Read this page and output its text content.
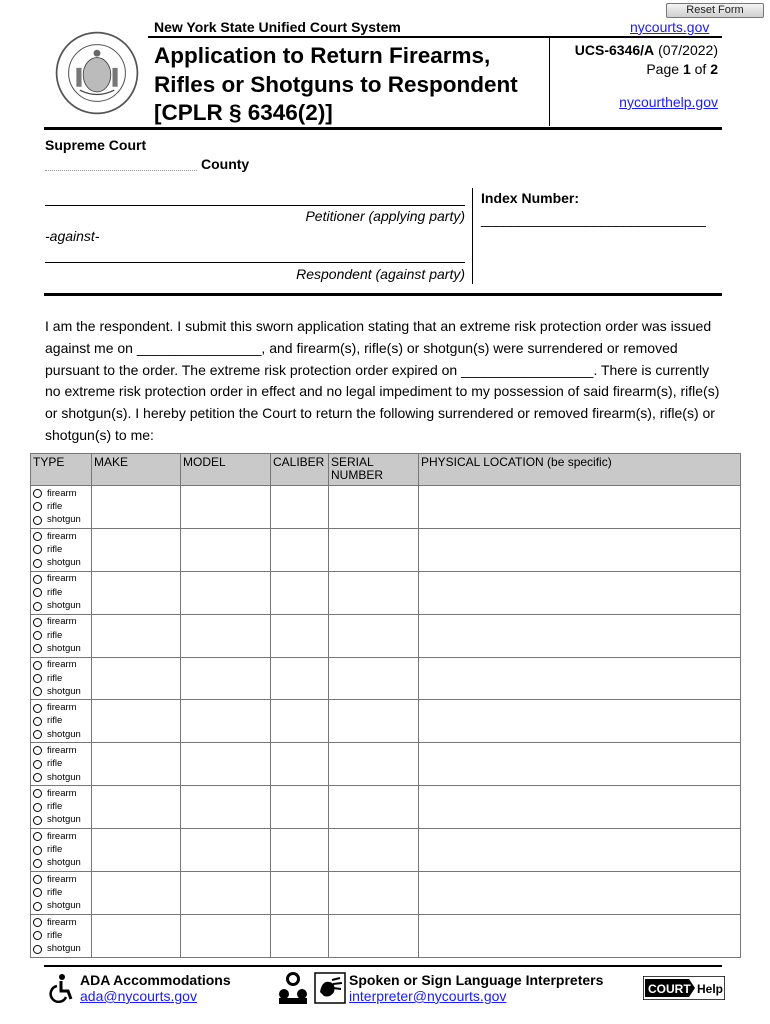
Reset Form
New York State Unified Court System	nycourts.gov
Application to Return Firearms, Rifles or Shotguns to Respondent [CPLR § 6346(2)]
UCS-6346/A (07/2022)
Page 1 of 2
nycourthelp.gov
Supreme Court
County
Petitioner (applying party)
-against-
Respondent (against party)
Index Number:
______________________________
I am the respondent. I submit this sworn application stating that an extreme risk protection order was issued against me on ________________, and firearm(s), rifle(s) or shotgun(s) were surrendered or removed pursuant to the order. The extreme risk protection order expired on _________________. There is currently no extreme risk protection order in effect and no legal impediment to my possession of said firearm(s), rifle(s) or shotgun(s). I hereby petition the Court to return the following surrendered or removed firearm(s), rifle(s) or shotgun(s) to me:
TYPE	MAKE	MODEL	CALIBER	SERIAL NUMBER	PHYSICAL LOCATION (be specific)

firearm
rifle
shotgun					

firearm
rifle
shotgun					

firearm
rifle
shotgun					

firearm
rifle
shotgun					

firearm
rifle
shotgun					

firearm
rifle
shotgun					

firearm
rifle
shotgun					

firearm
rifle
shotgun					

firearm
rifle
shotgun					

firearm
rifle
shotgun					

firearm
rifle
shotgun					

ADA Accommodations
ada@nycourts.gov
Spoken or Sign Language Interpreters
interpreter@nycourts.gov	COURT Help
